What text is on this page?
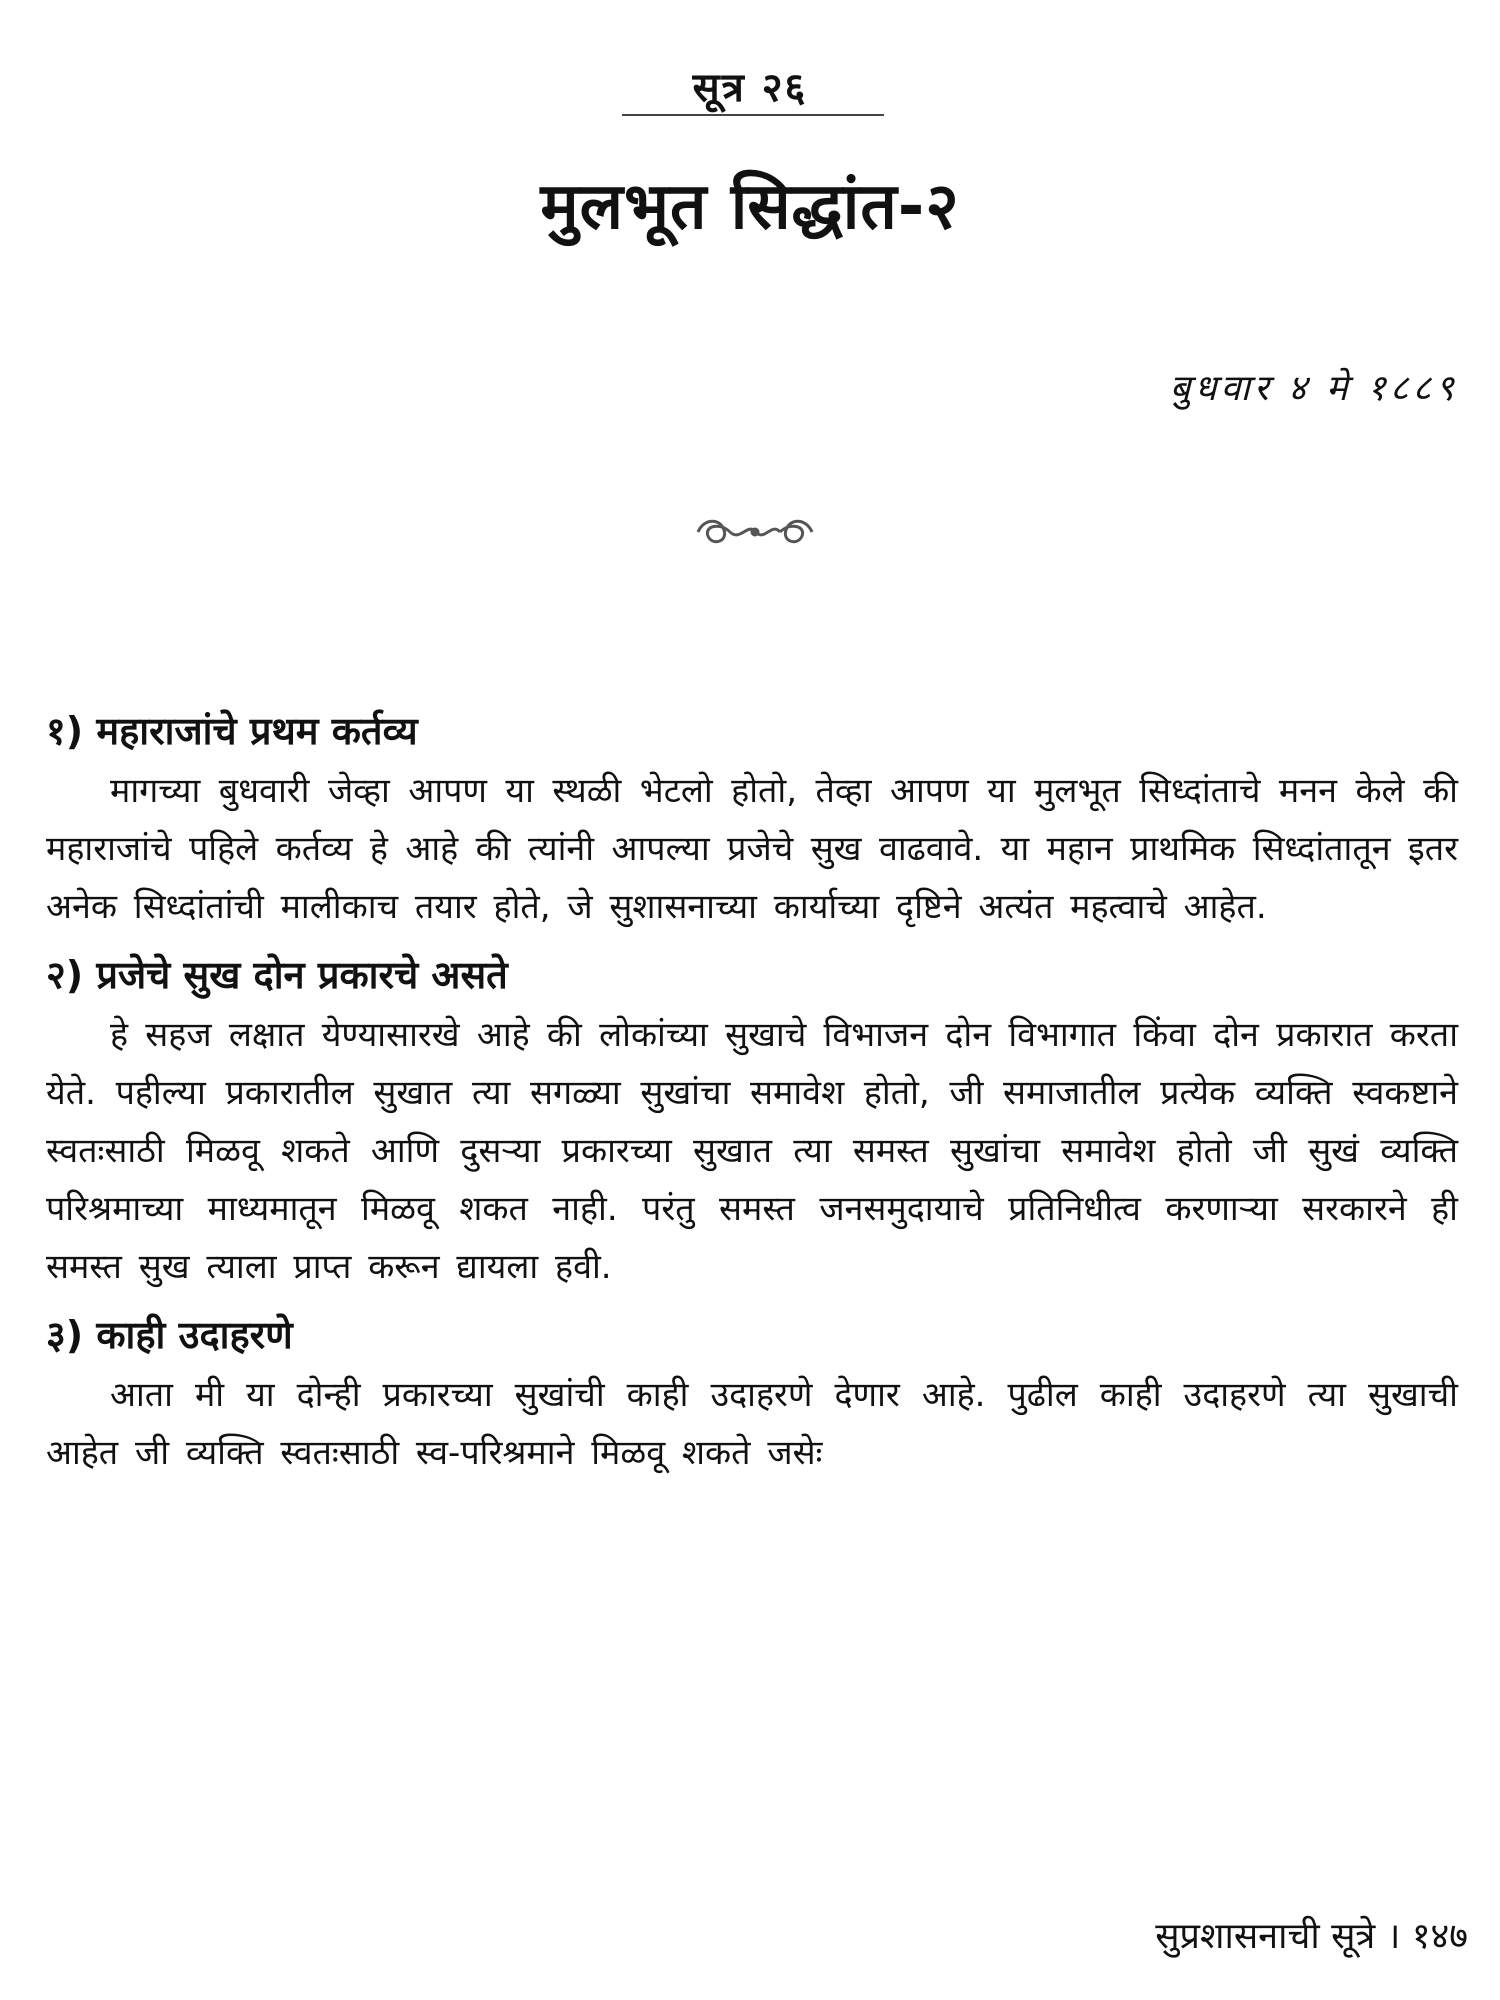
सूत्र २६
मुलभूत सिद्धांत-२
बुधवार ४ मे १८८९
१) महाराजांचे प्रथम कर्तव्य

मागच्या बुधवारी जेव्हा आपण या स्थळी भेटलो होतो, तेव्हा आपण या मुलभूत सिध्दांताचे मनन केले की महाराजांचे पहिले कर्तव्य हे आहे की त्यांनी आपल्या प्रजेचे सुख वाढवावे. या महान प्राथमिक सिध्दांतातून इतर अनेक सिध्दांतांची मालीकाच तयार होते, जे सुशासनाच्या कार्याच्या दृष्टिने अत्यंत महत्वाचे आहेत.

२) प्रजेचे सुख दोन प्रकारचे असते

हे सहज लक्षात येण्यासारखे आहे की लोकांच्या सुखाचे विभाजन दोन विभागात किंवा दोन प्रकारात करता येते. पहील्या प्रकारातील सुखात त्या सगळ्या सुखांचा समावेश होतो, जी समाजातील प्रत्येक व्यक्ति स्वकष्टाने स्वतःसाठी मिळवू शकते आणि दुसऱ्या प्रकारच्या सुखात त्या समस्त सुखांचा समावेश होतो जी सुखं व्यक्ति परिश्रमाच्या माध्यमातून मिळवू शकत नाही. परंतु समस्त जनसमुदायाचे प्रतिनिधीत्व करणाऱ्या सरकारने ही समस्त सुख त्याला प्राप्त करून द्यायला हवी.

३) काही उदाहरणे

आता मी या दोन्ही प्रकारच्या सुखांची काही उदाहरणे देणार आहे. पुढील काही उदाहरणे त्या सुखाची आहेत जी व्यक्ति स्वतःसाठी स्व-परिश्रमाने मिळवू शकते जसेः

सुप्रशासनाची सूत्रे । १४७
